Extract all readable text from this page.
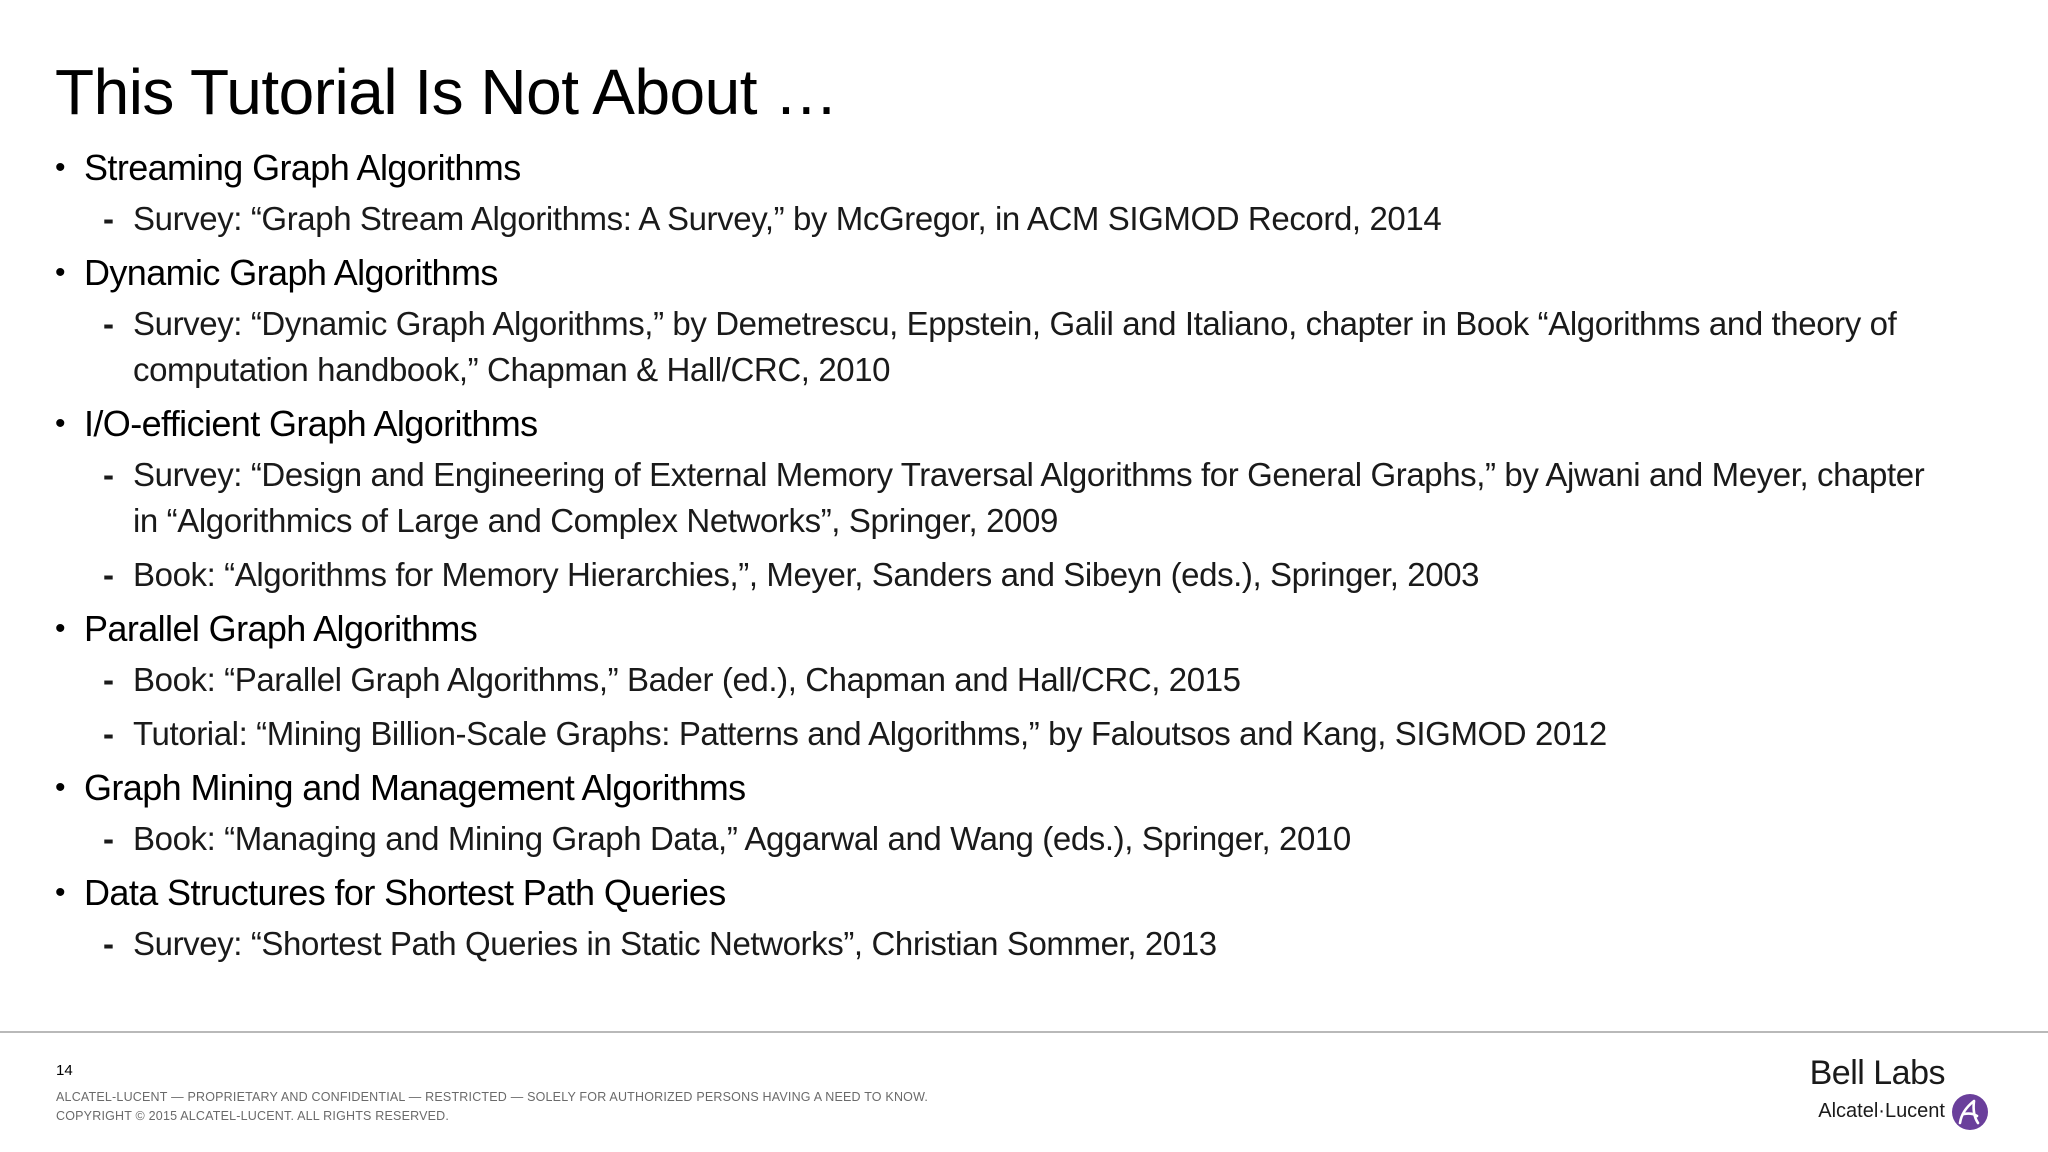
This Tutorial Is Not About …
• Streaming Graph Algorithms
- Survey: “Graph Stream Algorithms: A Survey,” by McGregor, in ACM SIGMOD Record, 2014
• Dynamic Graph Algorithms
- Survey: “Dynamic Graph Algorithms,” by Demetrescu, Eppstein, Galil and Italiano, chapter in Book “Algorithms and theory of
computation handbook,” Chapman & Hall/CRC, 2010
• I/O-efficient Graph Algorithms
- Survey: “Design and Engineering of External Memory Traversal Algorithms for General Graphs,” by Ajwani and Meyer, chapter
in “Algorithmics of Large and Complex Networks”, Springer, 2009
- Book: “Algorithms for Memory Hierarchies,”, Meyer, Sanders and Sibeyn (eds.), Springer, 2003
• Parallel Graph Algorithms
- Book: “Parallel Graph Algorithms,” Bader (ed.), Chapman and Hall/CRC, 2015
- Tutorial: “Mining Billion-Scale Graphs: Patterns and Algorithms,” by Faloutsos and Kang, SIGMOD 2012
• Graph Mining and Management Algorithms
- Book: “Managing and Mining Graph Data,” Aggarwal and Wang (eds.), Springer, 2010
• Data Structures for Shortest Path Queries
- Survey: “Shortest Path Queries in Static Networks”, Christian Sommer, 2013
14
ALCATEL-LUCENT — PROPRIETARY AND CONFIDENTIAL — RESTRICTED — SOLELY FOR AUTHORIZED PERSONS HAVING A NEED TO KNOW.
COPYRIGHT © 2015 ALCATEL-LUCENT. ALL RIGHTS RESERVED.
Bell Labs
Alcatel·Lucent
